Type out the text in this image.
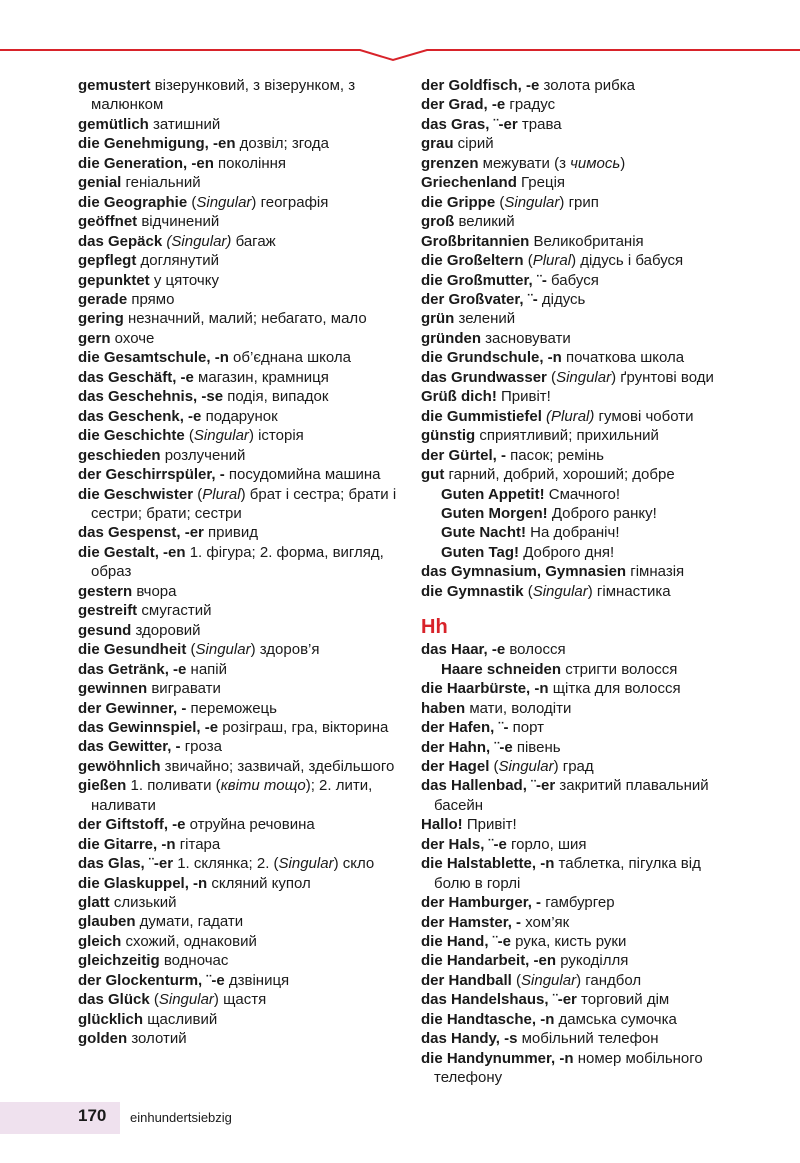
gemustert візерунковий, з візерунком, з малюнком
gemütlich затишний
die Genehmigung, -en дозвіл; згода
die Generation, -en покоління
genial геніальний
die Geographie (Singular) географія
geöffnet відчинений
das Gepäck (Singular) багаж
gepflegt доглянутий
gepunktet у цяточку
gerade прямо
gering незначний, малий; небагато, мало
gern охоче
die Gesamtschule, -n об’єднана школа
das Geschäft, -e магазин, крамниця
das Geschehnis, -se подія, випадок
das Geschenk, -e подарунок
die Geschichte (Singular) історія
geschieden розлучений
der Geschirrspüler, - посудомийна машина
die Geschwister (Plural) брат і сестра; брати і сестри; брати; сестри
das Gespenst, -er привид
die Gestalt, -en 1. фігура; 2. форма, вигляд, образ
gestern вчора
gestreift смугастий
gesund здоровий
die Gesundheit (Singular) здоров’я
das Getränk, -e напій
gewinnen вигравати
der Gewinner, - переможець
das Gewinnspiel, -e розіграш, гра, вікторина
das Gewitter, - гроза
gewöhnlich звичайно; зазвичай, здебільшого
gießen 1. поливати (квіти тощо); 2. лити, наливати
der Giftstoff, -e отруйна речовина
die Gitarre, -n гітара
das Glas, ¨-er 1. склянка; 2. (Singular) скло
die Glaskuppel, -n скляний купол
glatt слизький
glauben думати, гадати
gleich схожий, однаковий
gleichzeitig водночас
der Glockenturm, ¨-e дзвіниця
das Glück (Singular) щастя
glücklich щасливий
golden золотий
der Goldfisch, -e золота рибка
der Grad, -e градус
das Gras, ¨-er трава
grau сірий
grenzen межувати (з чимось)
Griechenland Греція
die Grippe (Singular) грип
groß великий
Großbritannien Великобританія
die Großeltern (Plural) дідусь і бабуся
die Großmutter, ¨- бабуся
der Großvater, ¨- дідусь
grün зелений
gründen засновувати
die Grundschule, -n початкова школа
das Grundwasser (Singular) ґрунтові води
Grüß dich! Привіт!
die Gummistiefel (Plural) гумові чоботи
günstig сприятливий; прихильний
der Gürtel, - пасок; ремінь
gut гарний, добрий, хороший; добре
Guten Appetit! Смачного!
Guten Morgen! Доброго ранку!
Gute Nacht! На добраніч!
Guten Tag! Доброго дня!
das Gymnasium, Gymnasien гімназія
die Gymnastik (Singular) гімнастика
Hh
das Haar, -e волосся
Haare schneiden стригти волосся
die Haarbürste, -n щітка для волосся
haben мати, володіти
der Hafen, ¨- порт
der Hahn, ¨-e півень
der Hagel (Singular) град
das Hallenbad, ¨-er закритий плавальний басейн
Hallo! Привіт!
der Hals, ¨-e горло, шия
die Halstablette, -n таблетка, пігулка від болю в горлі
der Hamburger, - гамбургер
der Hamster, - хом’як
die Hand, ¨-e рука, кисть руки
die Handarbeit, -en рукоділля
der Handball (Singular) гандбол
das Handelshaus, ¨-er торговий дім
die Handtasche, -n дамська сумочка
das Handy, -s мобільний телефон
die Handynummer, -n номер мобільного телефону
170 einhundertsiebzig
